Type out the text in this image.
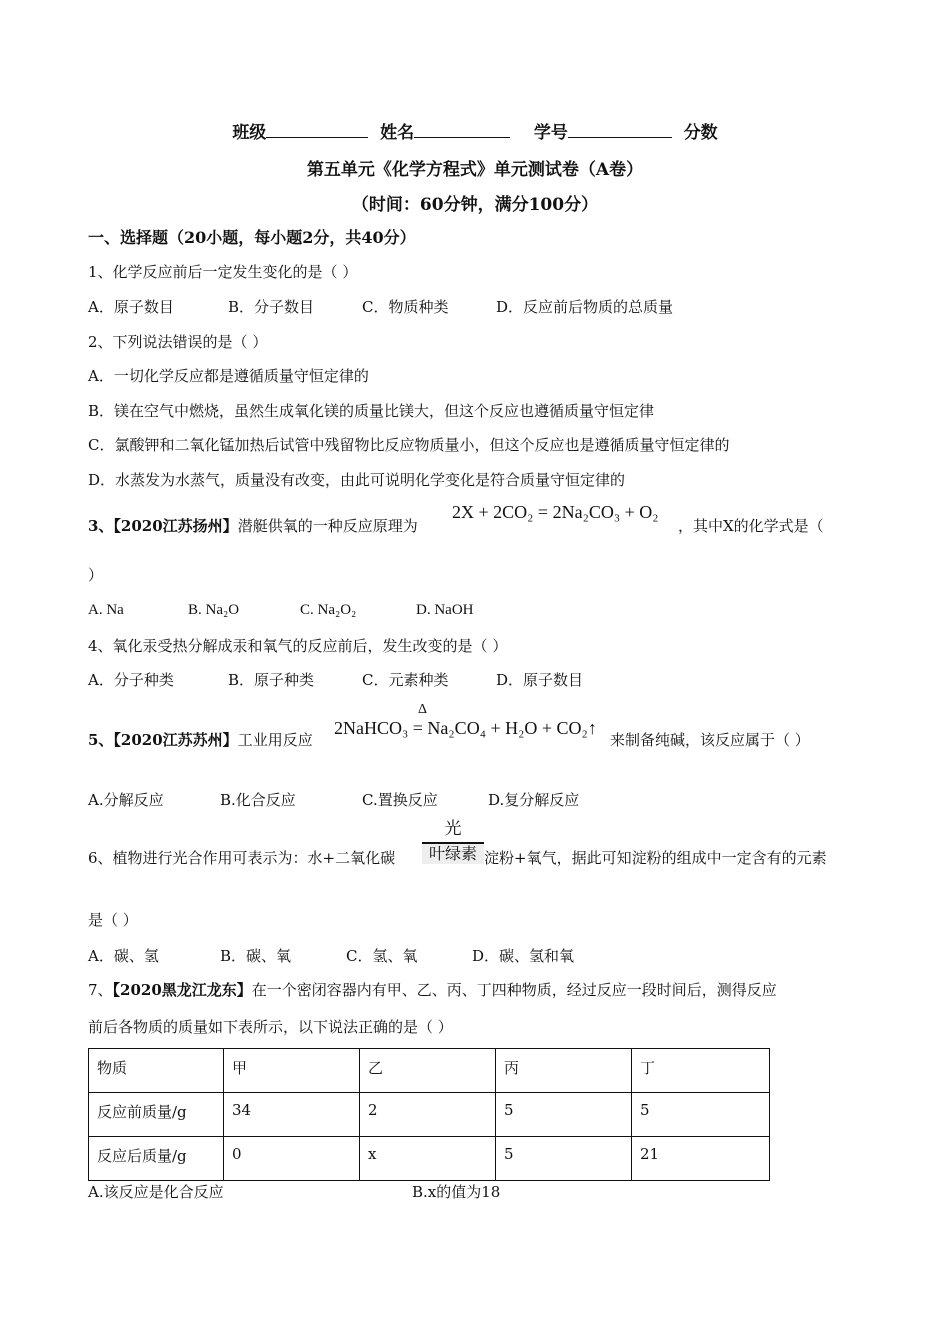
班级	姓名	学号	分数
第五单元《化学方程式》单元测试卷（A卷）
（时间：60分钟，满分100分）
一、选择题（20小题，每小题2分，共40分）
1、化学反应前后一定发生变化的是（ ）
A．原子数目	B．分子数目	C．物质种类	D．反应前后物质的总质量
2、下列说法错误的是（ ）
A．一切化学反应都是遵循质量守恒定律的
B．镁在空气中燃烧，虽然生成氧化镁的质量比镁大，但这个反应也遵循质量守恒定律
C．氯酸钾和二氧化锰加热后试管中残留物比反应物质量小，但这个反应也是遵循质量守恒定律的
D．水蒸发为水蒸气，质量没有改变，由此可说明化学变化是符合质量守恒定律的
3、【2020江苏扬州】潜艇供氧的一种反应原理为
2X + 2CO₂ = 2Na₂CO₃ + O₂
，其中X的化学式是（
）
A. Na	B. Na₂O	C. Na₂O₂	D. NaOH
4、氧化汞受热分解成汞和氧气的反应前后，发生改变的是（ ）
A．分子种类	B．原子种类	C．元素种类	D．原子数目
5、【2020江苏苏州】工业用反应
Δ
2NaHCO₃ = Na₂CO₄ + H₂O + CO₂↑
来制备纯碱，该反应属于（ ）
A.分解反应	B.化合反应	C.置换反应	D.复分解反应
6、植物进行光合作用可表示为：水+二氧化碳
光
叶绿素 淀粉+氧气，据此可知淀粉的组成中一定含有的元素
是（ ）
A．碳、氢	B．碳、氧	C．氢、氧	D．碳、氢和氧
7、【2020黑龙江龙东】在一个密闭容器内有甲、乙、丙、丁四种物质，经过反应一段时间后，测得反应
前后各物质的质量如下表所示，以下说法正确的是（ ）
物质	甲	乙	丙	丁
反应前质量/g	34	2	5	5
反应后质量/g	0	x	5	21
A.该反应是化合反应	B.x的值为18
